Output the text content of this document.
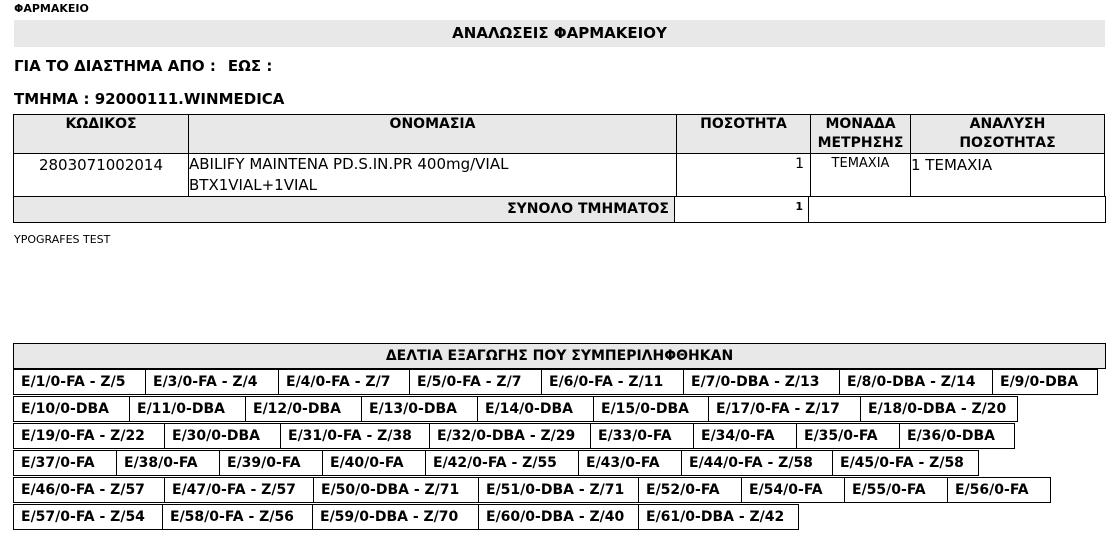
ΦΑΡΜΑΚΕΙΟ
ΑΝΑΛΩΣΕΙΣ ΦΑΡΜΑΚΕΙΟΥ
ΓΙΑ ΤΟ ΔΙΑΣΤΗΜΑ ΑΠΟ : ΕΩΣ :
ΤΜΗΜΑ : 92000111.WINMEDICA
ΚΩΔΙΚΟΣ	ΟΝΟΜΑΣΙΑ	ΠΟΣΟΤΗΤΑ	ΜΟΝΑΔΑ
ΜΕΤΡΗΣΗΣ	ΑΝΑΛΥΣΗ
ΠΟΣΟΤΗΤΑΣ
2803071002014	ABILIFY MAINTENA PD.S.IN.PR 400mg/VIAL
BTX1VIAL+1VIAL	1	ΤΕΜΑΧΙΑ	1 ΤΕΜΑΧΙΑ
ΣΥΝΟΛΟ ΤΜΗΜΑΤΟΣ	1
YPOGRAFES TEST
ΔΕΛΤΙΑ ΕΞΑΓΩΓΗΣ ΠΟΥ ΣΥΜΠΕΡΙΛΗΦΘΗΚΑΝ
E/1/0-FA - Z/5	E/3/0-FA - Z/4	E/4/0-FA - Z/7	E/5/0-FA - Z/7	E/6/0-FA - Z/11	E/7/0-DBA - Z/13	E/8/0-DBA - Z/14	E/9/0-DBA
E/10/0-DBA	E/11/0-DBA	E/12/0-DBA	E/13/0-DBA	E/14/0-DBA	E/15/0-DBA	E/17/0-FA - Z/17	E/18/0-DBA - Z/20
E/19/0-FA - Z/22	E/30/0-DBA	E/31/0-FA - Z/38	E/32/0-DBA - Z/29	E/33/0-FA	E/34/0-FA	E/35/0-FA	E/36/0-DBA
E/37/0-FA	E/38/0-FA	E/39/0-FA	E/40/0-FA	E/42/0-FA - Z/55	E/43/0-FA	E/44/0-FA - Z/58	E/45/0-FA - Z/58
E/46/0-FA - Z/57	E/47/0-FA - Z/57	E/50/0-DBA - Z/71	E/51/0-DBA - Z/71	E/52/0-FA	E/54/0-FA	E/55/0-FA	E/56/0-FA
E/57/0-FA - Z/54	E/58/0-FA - Z/56	E/59/0-DBA - Z/70	E/60/0-DBA - Z/40	E/61/0-DBA - Z/42
